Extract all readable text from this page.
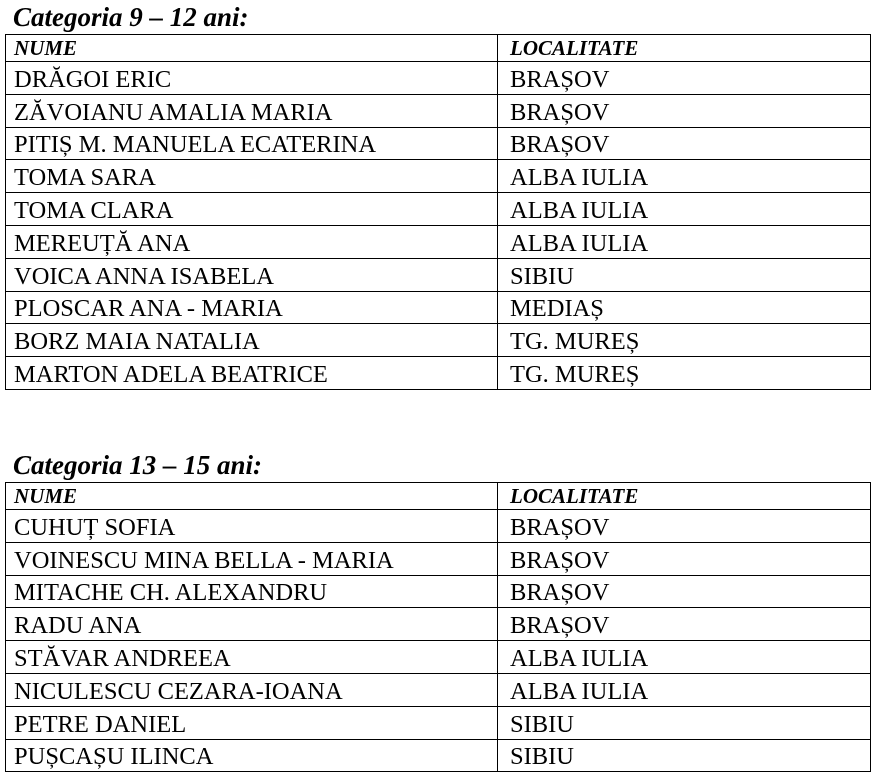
Categoria 9 – 12 ani:
NUME	LOCALITATE
DRĂGOI ERIC	BRAȘOV
ZĂVOIANU AMALIA MARIA	BRAȘOV
PITIȘ M. MANUELA ECATERINA	BRAȘOV
TOMA SARA	ALBA IULIA
TOMA CLARA	ALBA IULIA
MEREUȚĂ ANA	ALBA IULIA
VOICA ANNA ISABELA	SIBIU
PLOSCAR ANA - MARIA	MEDIAȘ
BORZ MAIA NATALIA	TG. MUREȘ
MARTON ADELA BEATRICE	TG. MUREȘ
Categoria 13 – 15 ani:
NUME	LOCALITATE
CUHUȚ SOFIA	BRAȘOV
VOINESCU MINA BELLA - MARIA	BRAȘOV
MITACHE CH. ALEXANDRU	BRAȘOV
RADU ANA	BRAȘOV
STĂVAR ANDREEA	ALBA IULIA
NICULESCU CEZARA-IOANA	ALBA IULIA
PETRE DANIEL	SIBIU
PUȘCAȘU ILINCA	SIBIU
